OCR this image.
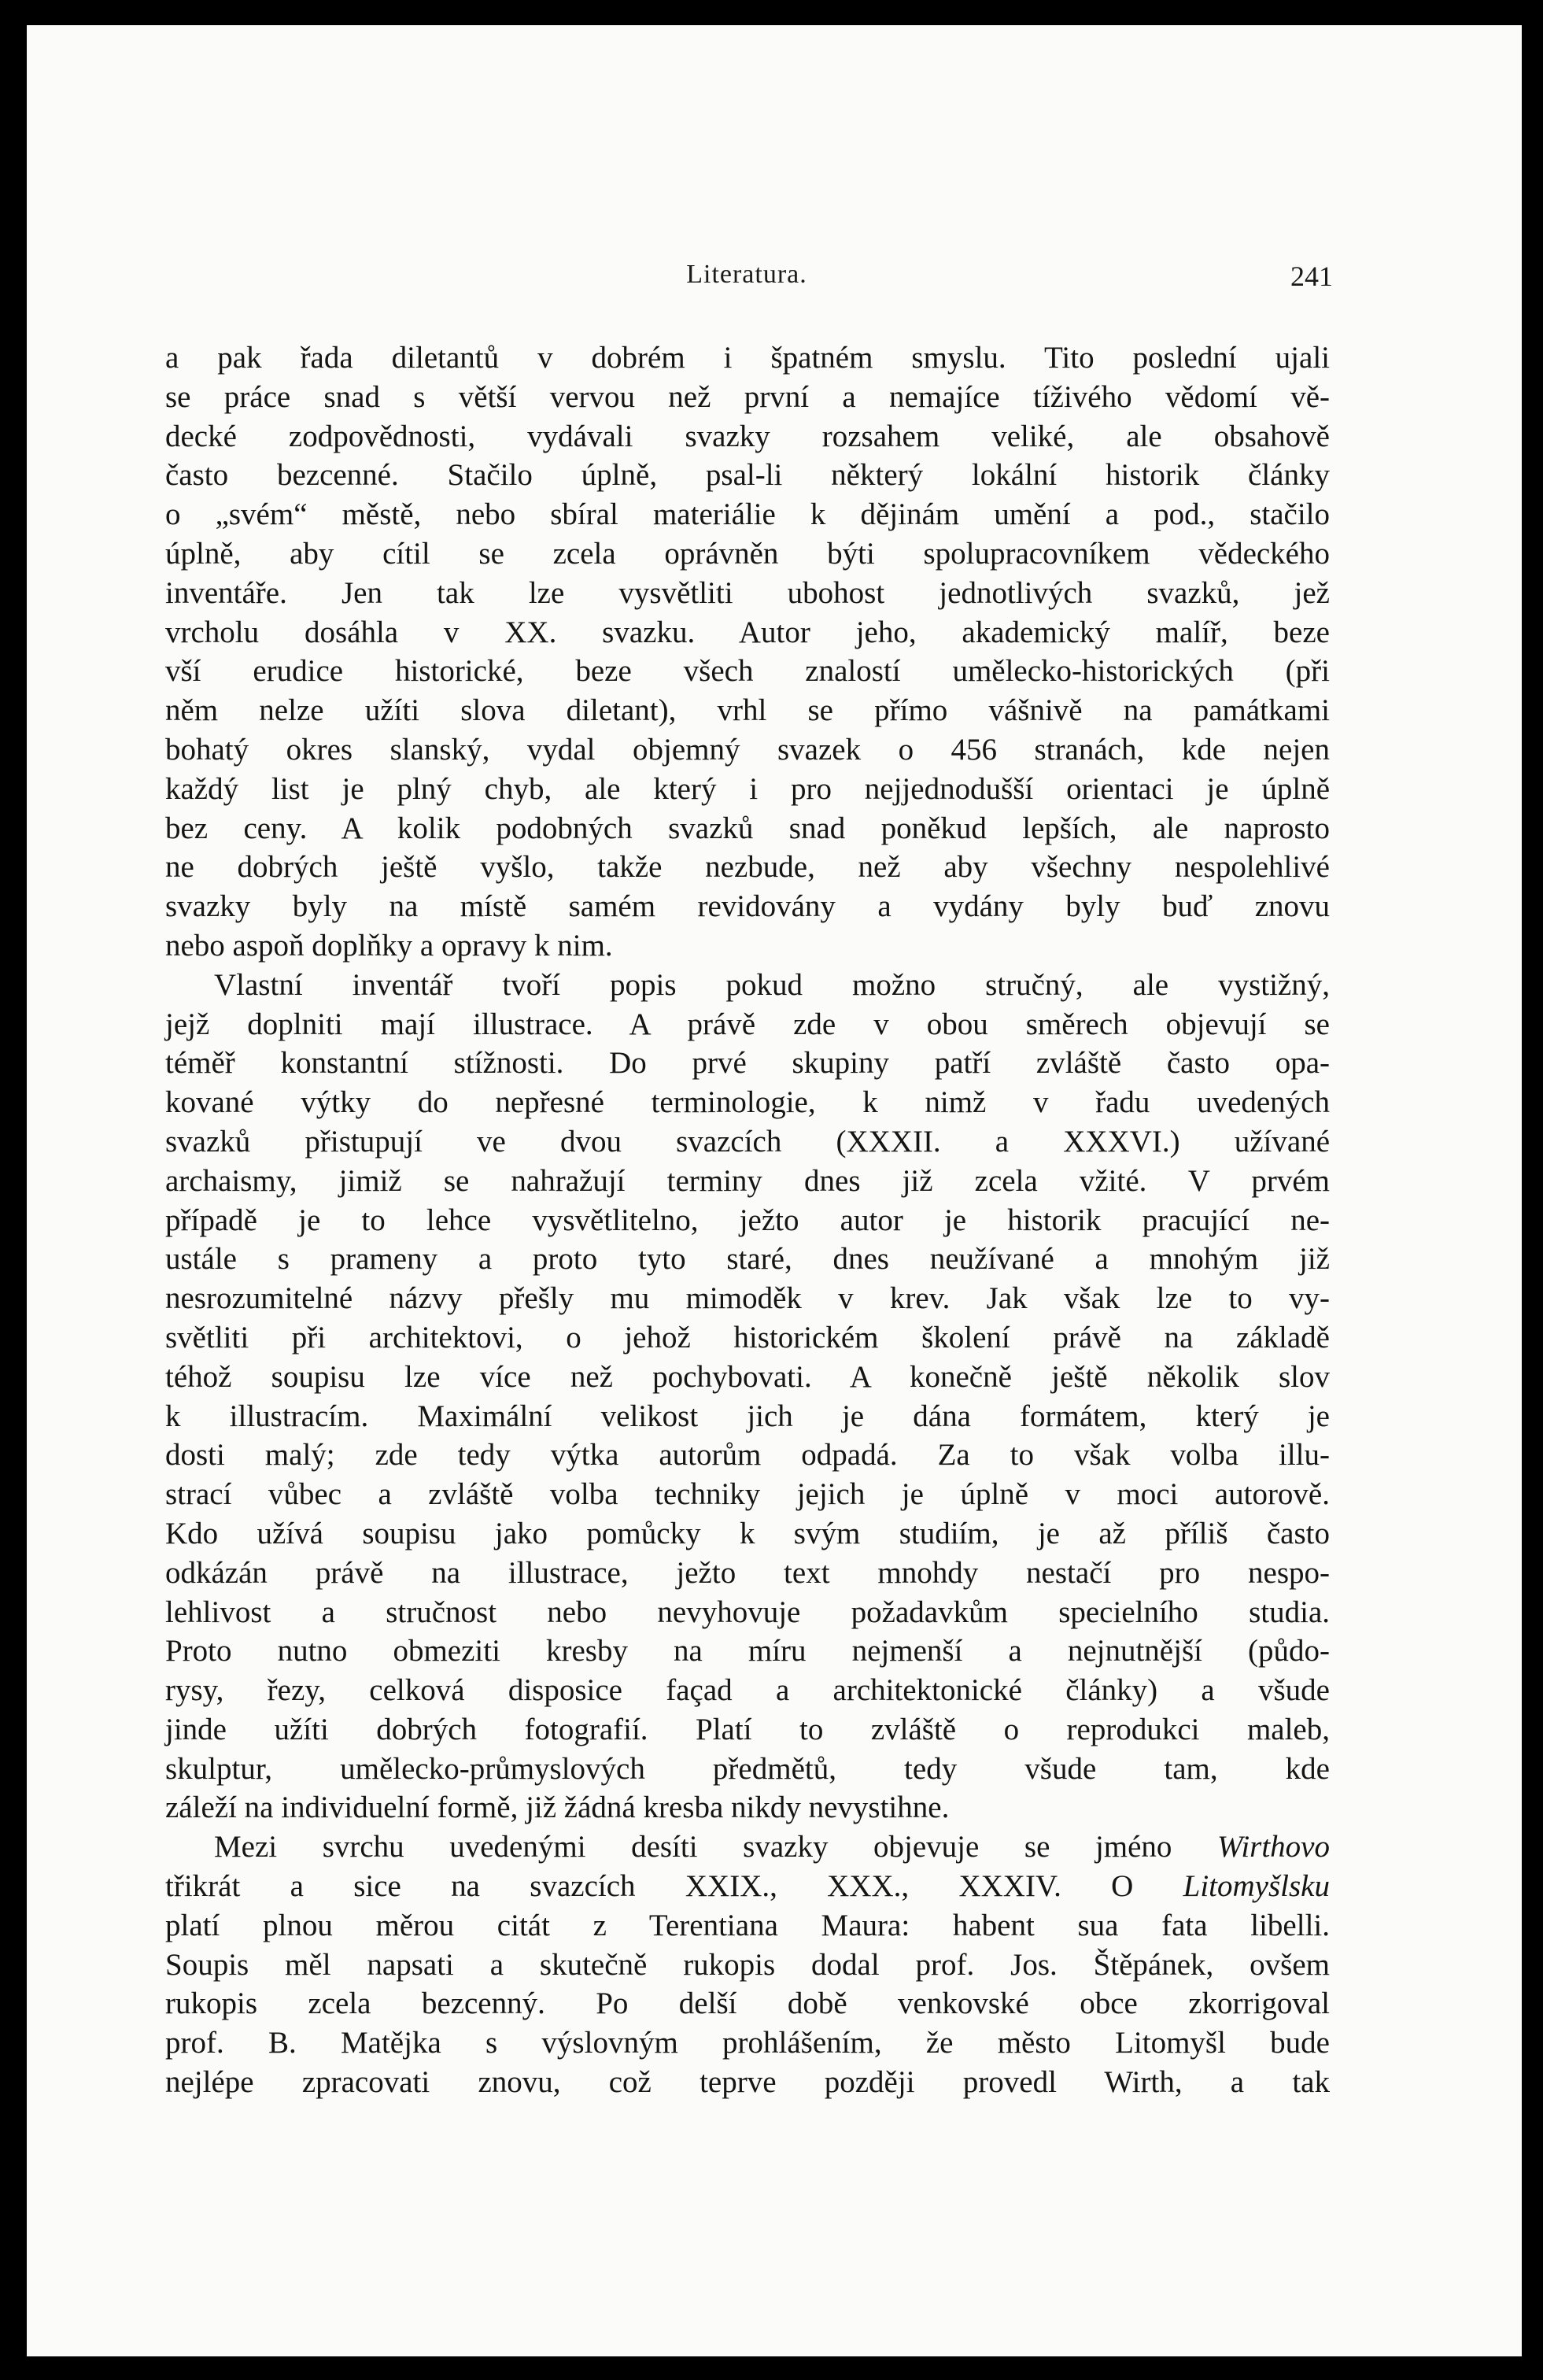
Literatura.	241
a pak řada diletantů v dobrém i špatném smyslu. Tito poslední ujali
se práce snad s větší vervou než první a nemajíce tíživého vědomí vě-
decké zodpovědnosti, vydávali svazky rozsahem veliké, ale obsahově
často bezcenné. Stačilo úplně, psal-li některý lokální historik články
o „svém“ městě, nebo sbíral materiálie k dějinám umění a pod., stačilo
úplně, aby cítil se zcela oprávněn býti spolupracovníkem vědeckého
inventáře. Jen tak lze vysvětliti ubohost jednotlivých svazků, jež
vrcholu dosáhla v XX. svazku. Autor jeho, akademický malíř, beze
vší erudice historické, beze všech znalostí umělecko-historických (při
něm nelze užíti slova diletant), vrhl se přímo vášnivě na památkami
bohatý okres slanský, vydal objemný svazek o 456 stranách, kde nejen
každý list je plný chyb, ale který i pro nejjednodušší orientaci je úplně
bez ceny. A kolik podobných svazků snad poněkud lepších, ale naprosto
ne dobrých ještě vyšlo, takže nezbude, než aby všechny nespolehlivé
svazky byly na místě samém revidovány a vydány byly buď znovu
nebo aspoň doplňky a opravy k nim.
Vlastní inventář tvoří popis pokud možno stručný, ale vystižný,
jejž doplniti mají illustrace. A právě zde v obou směrech objevují se
téměř konstantní stížnosti. Do prvé skupiny patří zvláště často opa-
kované výtky do nepřesné terminologie, k nimž v řadu uvedených
svazků přistupují ve dvou svazcích (XXXII. a XXXVI.) užívané
archaismy, jimiž se nahražují terminy dnes již zcela vžité. V prvém
případě je to lehce vysvětlitelno, ježto autor je historik pracující ne-
ustále s prameny a proto tyto staré, dnes neužívané a mnohým již
nesrozumitelné názvy přešly mu mimoděk v krev. Jak však lze to vy-
světliti při architektovi, o jehož historickém školení právě na základě
téhož soupisu lze více než pochybovati. A konečně ještě několik slov
k illustracím. Maximální velikost jich je dána formátem, který je
dosti malý; zde tedy výtka autorům odpadá. Za to však volba illu-
strací vůbec a zvláště volba techniky jejich je úplně v moci autorově.
Kdo užívá soupisu jako pomůcky k svým studiím, je až příliš často
odkázán právě na illustrace, ježto text mnohdy nestačí pro nespo-
lehlivost a stručnost nebo nevyhovuje požadavkům specielního studia.
Proto nutno obmeziti kresby na míru nejmenší a nejnutnější (půdo-
rysy, řezy, celková disposice façad a architektonické články) a všude
jinde užíti dobrých fotografií. Platí to zvláště o reprodukci maleb,
skulptur, umělecko-průmyslových předmětů, tedy všude tam, kde
záleží na individuelní formě, již žádná kresba nikdy nevystihne.
Mezi svrchu uvedenými desíti svazky objevuje se jméno Wirthovo
třikrát a sice na svazcích XXIX., XXX., XXXIV. O Litomyšlsku
platí plnou měrou citát z Terentiana Maura: habent sua fata libelli.
Soupis měl napsati a skutečně rukopis dodal prof. Jos. Štěpánek, ovšem
rukopis zcela bezcenný. Po delší době venkovské obce zkorrigoval
prof. B. Matějka s výslovným prohlášením, že město Litomyšl bude
nejlépe zpracovati znovu, což teprve později provedl Wirth, a tak
